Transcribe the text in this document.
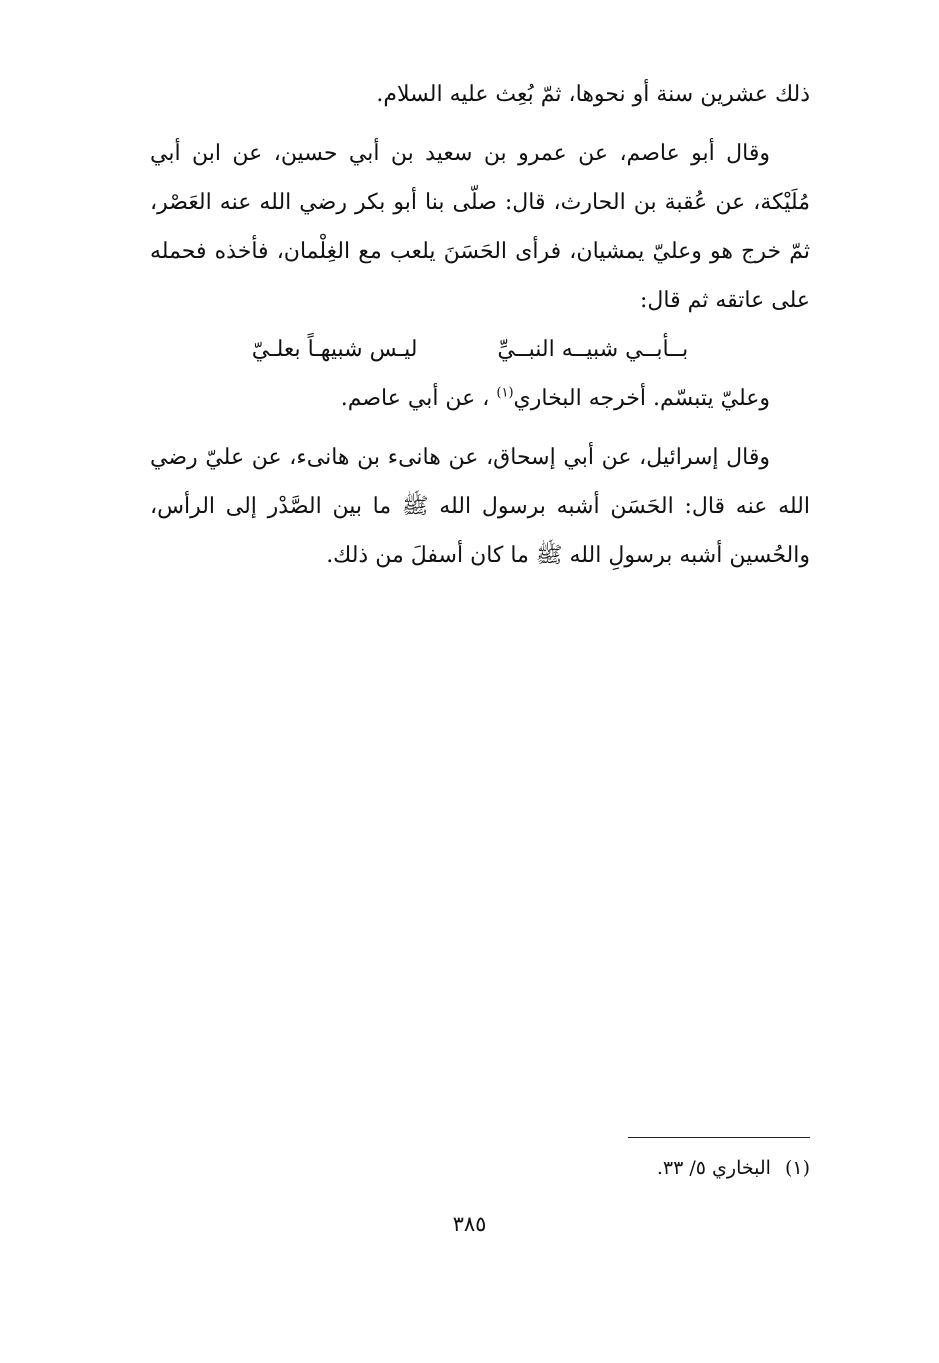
ذلك عشرين سنة أو نحوها، ثمّ بُعِث عليه السلام.

وقال أبو عاصم، عن عمرو بن سعيد بن أبي حسين، عن ابن أبي مُلَيْكة، عن عُقبة بن الحارث، قال: صلّى بنا أبو بكر رضي الله عنه العَصْر، ثمّ خرج هو وعليّ يمشيان، فرأى الحَسَنَ يلعب مع الغِلْمان، فأخذه فحمله على عاتقه ثم قال:

بــأبــي شبيــه النبــيِّ
ليـس شبيهـاً بعلـيّ

وعليّ يتبسّم. أخرجه البخاري$^{(١)}$ ، عن أبي عاصم.

وقال إسرائيل، عن أبي إسحاق، عن هانىء بن هانىء، عن عليّ رضي الله عنه قال: الحَسَن أشبه برسول الله ﷺ ما بين الصَّدْر إلى الرأس، والحُسين أشبه برسولِ الله ﷺ ما كان أسفلَ من ذلك.

(١)البخاري ٥/ ٣٣.
٣٨٥
